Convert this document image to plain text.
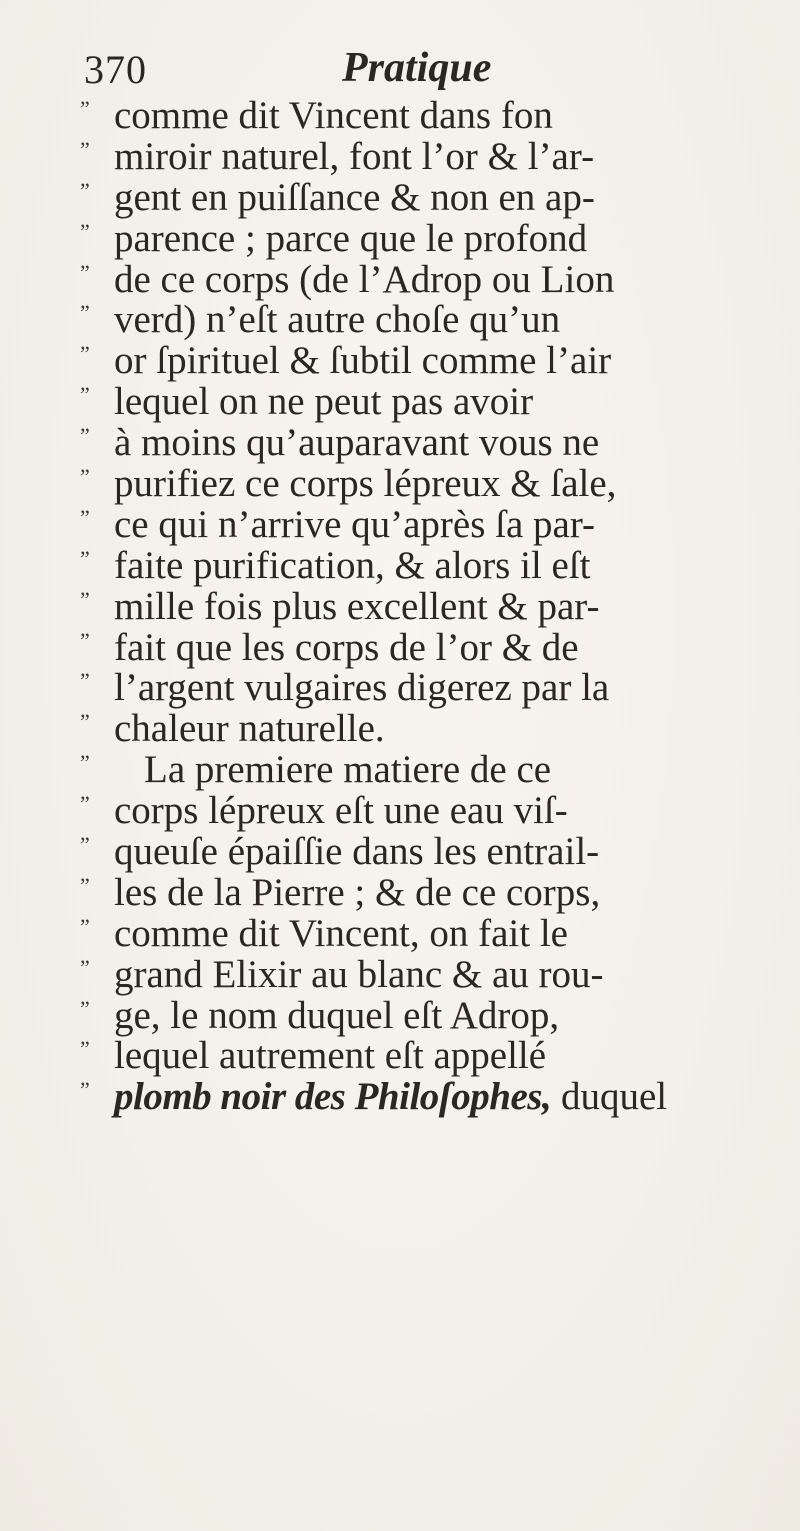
370	Pratique
” comme dit Vincent dans fon
” miroir naturel, font l’or & l’ar-
” gent en puiſſance & non en ap-
” parence ; parce que le profond
” de ce corps (de l’Adrop ou Lion
” verd) n’eſt autre choſe qu’un
” or ſpirituel & ſubtil comme l’air
” lequel on ne peut pas avoir
” à moins qu’auparavant vous ne
” purifiez ce corps lépreux & ſale,
” ce qui n’arrive qu’après ſa par-
” faite purification, & alors il eſt
” mille fois plus excellent & par-
” fait que les corps de l’or & de
” l’argent vulgaires digerez par la
” chaleur naturelle.
” La premiere matiere de ce
” corps lépreux eſt une eau viſ-
” queuſe épaiſſie dans les entrail-
” les de la Pierre ; & de ce corps,
” comme dit Vincent, on fait le
” grand Elixir au blanc & au rou-
” ge, le nom duquel eſt Adrop,
” lequel autrement eſt appellé
” plomb noir des Philoſophes, duquel
